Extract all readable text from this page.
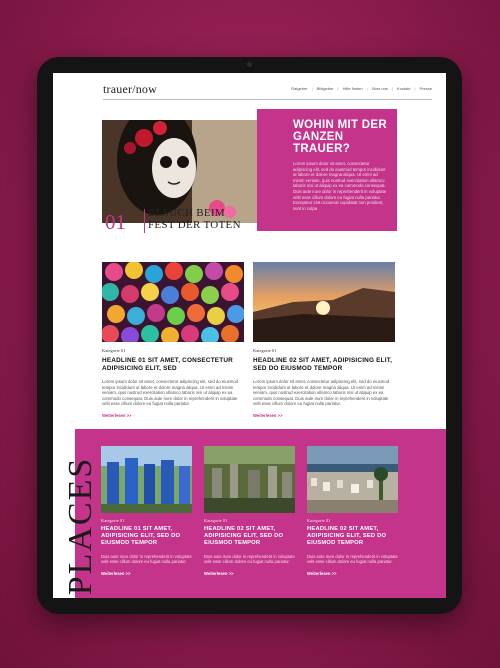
trauer/now	Ratgeber | Bildgeber | Hilfe finden | Über uns | Kontakt | Presse
WOHIN MIT DER GANZEN TRAUER?
Lorem ipsum dolor sit amet, consectetur adipiscing elit, sed do eiusmod tempor incididunt ut labore et dolore magna aliqua. Ut enim ad minim veniam, quis nostrud exercitation ullamco laboris nisi ut aliquip ex ea commodo consequat. Duis aute irure dolor in reprehenderit in voluptate velit esse cillum dolore eu fugiat nulla pariatur. Excepteur sint occaecat cupidatat non proident, sunt in culpa
01	BESUCH BEIM FEST DER TOTEN
Kategorie 01
HEADLINE 01 SIT AMET, CONSECTETUR ADIPISICING ELIT, SED

Lorem ipsum dolor sit amet, consectetur adipiscing elit, sed do eiusmod tempor incididunt ut labore et dolore magna aliqua. Ut enim ad minim veniam, quis nostrud exercitation ullamco laboris nisi ut aliquip ex ea commodo consequat. Duis aute irure dolor in reprehenderit in voluptate velit esse cillum dolore eu fugiat nulla pariatur.

Weiterlesen >>
Kategorie 01
HEADLINE 02 SIT AMET, ADIPISICING ELIT, SED DO EIUSMOD TEMPOR

Lorem ipsum dolor sit amet, consectetur adipiscing elit, sed do eiusmod tempor incididunt ut labore et dolore magna aliqua. Ut enim ad minim veniam, quis nostrud exercitation ullamco laboris nisi ut aliquip ex ea commodo consequat. Duis aute irure dolor in reprehenderit in voluptate velit esse cillum dolore eu fugiat nulla pariatur.

Weiterlesen >>
PLACES Kategorie 01
HEADLINE 01 SIT AMET, ADIPISICING ELIT, SED DO EIUSMOD TEMPOR

Duis aute irure dolor in reprehenderit in voluptate velit esse cillum dolore eu fugiat nulla pariatur.

Weiterlesen >>
Kategorie 01
HEADLINE 02 SIT AMET, ADIPISICING ELIT, SED DO EIUSMOD TEMPOR

Duis aute irure dolor in reprehenderit in voluptate velit esse cillum dolore eu fugiat nulla pariatur.

Weiterlesen >>
Kategorie 01
HEADLINE 02 SIT AMET, ADIPISICING ELIT, SED DO EIUSMOD TEMPOR

Duis aute irure dolor in reprehenderit in voluptate velit esse cillum dolore eu fugiat nulla pariatur.

Weiterlesen >>
